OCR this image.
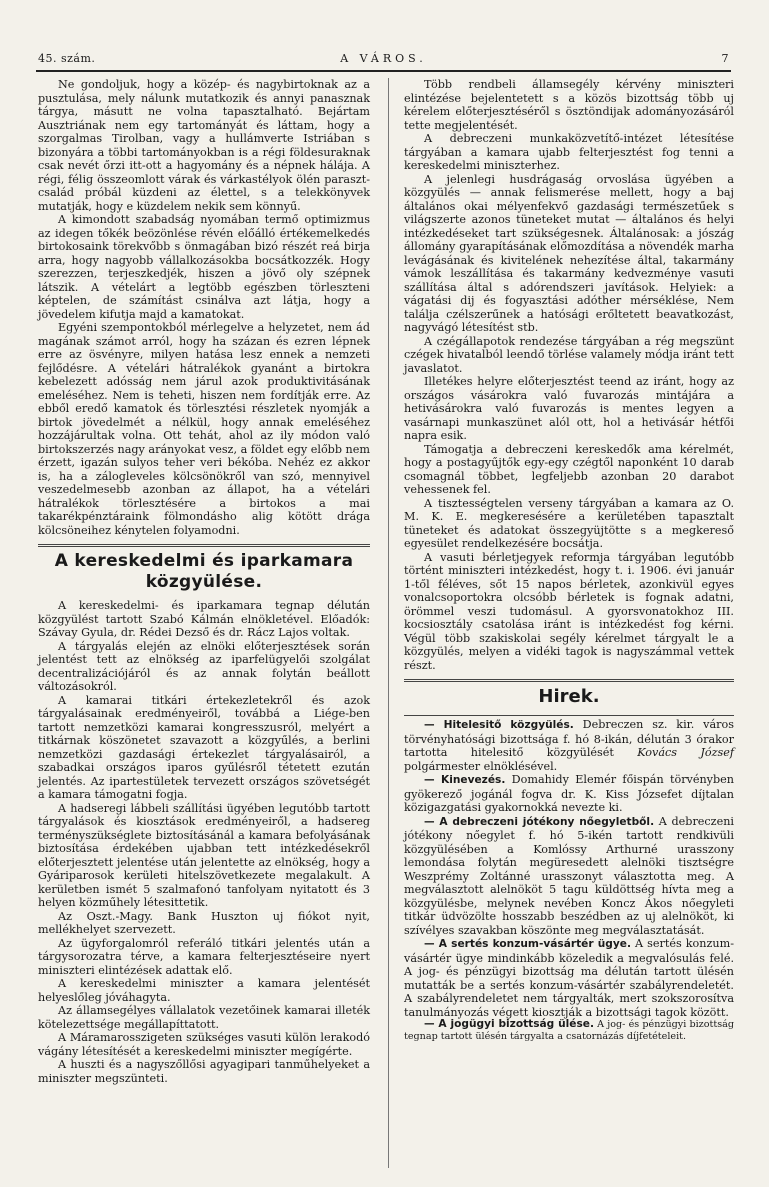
45. szám.	A VÁROS.	7

Ne gondoljuk, hogy a közép- és nagybirtoknak az a pusztulása, mely nálunk mutatkozik és annyi panasznak tárgya, másutt ne volna tapasztalható. Bejártam Ausztriának nem egy tartományát és láttam, hogy a szorgalmas Tirolban, vagy a hullámverte Istriában s bizonyára a többi tartományokban is a régi földesuraknak csak nevét őrzi itt-ott a hagyomány és a népnek hálája. A régi, félig összeomlott várak és várkastélyok ölén paraszt-család próbál küzdeni az élettel, s a telekkönyvek mutatják, hogy e küzdelem nekik sem könnyű.

A kimondott szabadság nyomában termő optimizmus az idegen tőkék beözönlése révén előálló értékemelkedés birtokosaink törekvőbb s önmagában bizó részét reá birja arra, hogy nagyobb vállalkozásokba bocsátkozzék. Hogy szerezzen, terjeszkedjék, hiszen a jövő oly szépnek látszik. A vételárt a legtöbb egészben törleszteni képtelen, de számítást csinálva azt látja, hogy a jövedelem kifutja majd a kamatokat.

Egyéni szempontokból mérlegelve a helyzetet, nem ád magának számot arról, hogy ha százan és ezren lépnek erre az ösvényre, milyen hatása lesz ennek a nemzeti fejlődésre. A vételári hátralékok gyanánt a birtokra kebelezett adósság nem járul azok produktivitásának emeléséhez. Nem is teheti, hiszen nem fordítják erre. Az ebből eredő kamatok és törlesztési részletek nyomják a birtok jövedelmét a nélkül, hogy annak emeléséhez hozzájárultak volna. Ott tehát, ahol az ily módon való birtokszerzés nagy arányokat vesz, a földet egy előbb nem érzett, igazán sulyos teher veri békóba. Nehéz ez akkor is, ha a zálogleveles kölcsönökről van szó, mennyivel veszedelmesebb azonban az állapot, ha a vételári hátralékok törlesztésére a birtokos a mai takarékpénztáraink fölmondásho alig kötött drága kölcsöneihez kénytelen folyamodni.

A kereskedelmi és iparkamara közgyülése.

A kereskedelmi- és iparkamara tegnap délután közgyülést tartott Szabó Kálmán elnökletével. Előadók: Szávay Gyula, dr. Rédei Dezső és dr. Rácz Lajos voltak.

A tárgyalás elején az elnöki előterjesztések során jelentést tett az elnökség az iparfelügyelői szolgálat decentralizációjáról és az annak folytán beállott változásokról.

A kamarai titkári értekezletekről és azok tárgyalásainak eredményeiről, továbbá a Liége-ben tartott nemzetközi kamarai kongresszusról, melyért a titkárnak köszönetet szavazott a közgyűlés, a berlini nemzetközi gazdasági értekezlet tárgyalásairól, a szabadkai országos iparos gyűlésről tétetett ezután jelentés. Az ipartestületek tervezett országos szövetségét a kamara támogatni fogja.

A hadseregi lábbeli szállítási ügyében legutóbb tartott tárgyalások és kiosztások eredményeiről, a hadsereg terményszükséglete biztosításánál a kamara befolyásának biztosítása érdekében ujabban tett intézkedésekről előterjesztett jelentése után jelentette az elnökség, hogy a Gyáriparosok kerületi hitelszövetkezete megalakult. A kerületben ismét 5 szalmafonó tanfolyam nyitatott és 3 helyen közműhely létesittetik.

Az Oszt.-Magy. Bank Huszton uj fiókot nyit, mellékhelyet szervezett.

Az ügyforgalomról referáló titkári jelentés után a tárgysorozatra térve, a kamara felterjesztéseire nyert miniszteri elintézések adattak elő.

A kereskedelmi miniszter a kamara jelentését helyeslőleg jóváhagyta.

Az államsegélyes vállalatok vezetőinek kamarai illeték kötelezettsége megállapíttatott.

A Máramarosszigeten szükséges vasuti külön lerakodó vágány létesítését a kereskedelmi miniszter megígérte.

A huszti és a nagyszőllősi agyagipari tanműhelyeket a miniszter megszünteti.

Több rendbeli államsegély kérvény miniszteri elintézése bejelentetett s a közös bizottság több uj kérelem előterjesztéséről s ösztöndijak adományozásáról tette megjelentését.

A debreczeni munkaközvetítő-intézet létesítése tárgyában a kamara ujabb felterjesztést fog tenni a kereskedelmi miniszterhez.

A jelenlegi husdrágaság orvoslása ügyében a közgyülés — annak felismerése mellett, hogy a baj általános okai mélyenfekvő gazdasági természetűek s világszerte azonos tüneteket mutat — általános és helyi intézkedéseket tart szükségesnek. Általánosak: a jószág állomány gyarapításának előmozdítása a növendék marha levágásának és kivitelének nehezítése által, takarmány vámok leszállítása és takarmány kedvezménye vasuti szállítása által s adórendszeri javítások. Helyiek: a vágatási dij és fogyasztási adóther mérséklése, Nem találja czélszerűnek a hatósági erőltetett beavatkozást, nagyvágó létesítést stb.

A czégállapotok rendezése tárgyában a rég megszünt czégek hivatalból leendő törlése valamely módja iránt tett javaslatot.

Illetékes helyre előterjesztést teend az iránt, hogy az országos vásárokra való fuvarozás mintájára a hetivásárokra való fuvarozás is mentes legyen a vasárnapi munkaszünet alól ott, hol a hetivásár hétfői napra esik.

Támogatja a debreczeni kereskedők ama kérelmét, hogy a postagyűjtők egy-egy czégtől naponként 10 darab csomagnál többet, legfeljebb azonban 20 darabot vehessenek fel.

A tisztességtelen verseny tárgyában a kamara az O. M. K. E. megkeresésére a kerületében tapasztalt tüneteket és adatokat összegyüjtötte s a megkereső egyesület rendelkezésére bocsátja.

A vasuti bérletjegyek reformja tárgyában legutóbb történt miniszteri intézkedést, hogy t. i. 1906. évi január 1-től féléves, sőt 15 napos bérletek, azonkivül egyes vonalcsoportokra olcsóbb bérletek is fognak adatni, örömmel veszi tudomásul. A gyorsvonatokhoz III. kocsiosztály csatolása iránt is intézkedést fog kérni. Végül több szakiskolai segély kérelmet tárgyalt le a közgyülés, melyen a vidéki tagok is nagyszámmal vettek részt.

Hirek.

— Hitelesitő közgyülés. Debreczen sz. kir. város törvényhatósági bizottsága f. hó 8-ikán, délután 3 órakor tartotta hitelesitő közgyülését Kovács József polgármester elnöklésével.

— Kinevezés. Domahidy Elemér főispán törvényben gyökerező jogánál fogva dr. K. Kiss Józsefet díjtalan közigazgatási gyakornokká nevezte ki.

— A debreczeni jótékony nőegyletből. A debreczeni jótékony nőegylet f. hó 5-ikén tartott rendkivüli közgyülésében a Komlóssy Arthurné urasszony lemondása folytán megüresedett alelnöki tisztségre Weszprémy Zoltánné urasszonyt választotta meg. A megválasztott alelnököt 5 tagu küldöttség hívta meg a közgyülésbe, melynek nevében Koncz Ákos nőegyleti titkár üdvözölte hosszabb beszédben az uj alelnököt, ki szívélyes szavakban köszönte meg megválasztatását.

— A sertés konzum-vásártér ügye. A sertés konzum-vásártér ügye mindinkább közeledik a megvalósulás felé. A jog- és pénzügyi bizottság ma délután tartott ülésén mutatták be a sertés konzum-vásártér szabályrendeletét. A szabályrendeletet nem tárgyalták, mert szokszorosítva tanulmányozás végett kiosztják a bizottsági tagok között.

— A jogügyi bizottság ülése. A jog- és pénzügyi bizottság tegnap tartott ülésén tárgyalta a csatornázás díjfetételeit.
